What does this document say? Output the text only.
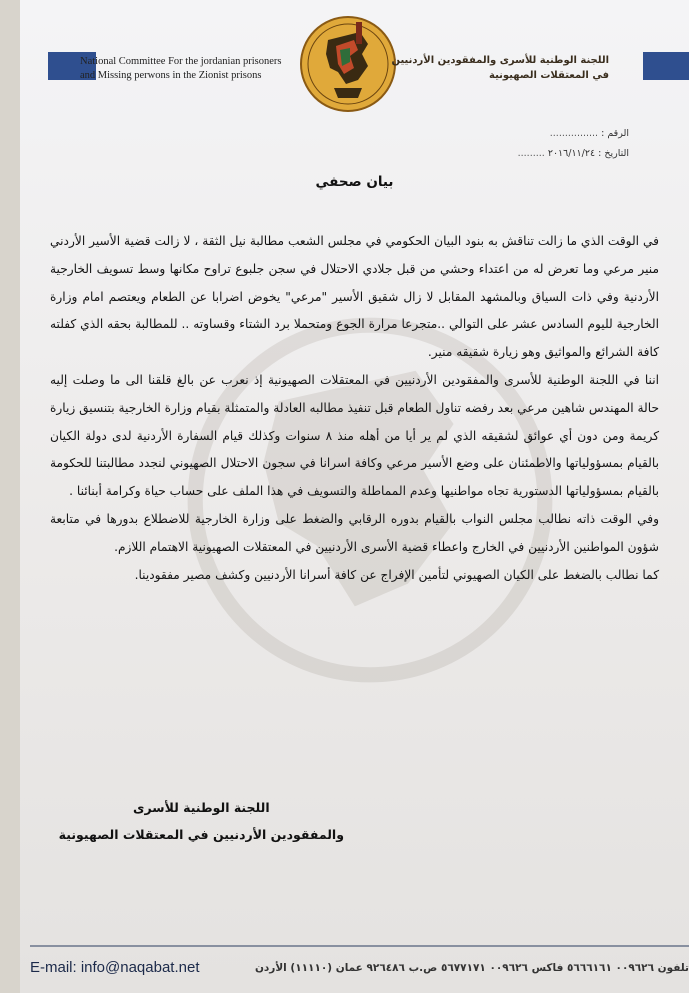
National Committee For the jordanian prisoners
and Missing perwons in the Zionist prisons
اللجنة الوطنية للأسرى والمفقودين الأردنيين
في المعتقلات الصهيونية
الرقم : ................
التاريخ : ٢٠١٦/١١/٢٤ .........
بيان صحفي

في الوقت الذي ما زالت تناقش به بنود البيان الحكومي في مجلس الشعب مطالبة نيل الثقة ، لا زالت قضية الأسير الأردني منير مرعي وما تعرض له من اعتداء وحشي من قبل جلادي الاحتلال في سجن جلبوع تراوح مكانها وسط تسويف الخارجية الأردنية وفي ذات السياق وبالمشهد المقابل لا زال شقيق الأسير "مرعي" يخوض اضرابا عن الطعام ويعتصم امام وزارة الخارجية لليوم السادس عشر على التوالي ..متجرعا مرارة الجوع ومتحملا برد الشتاء وقساوته .. للمطالبة بحقه الذي كفلته كافة الشرائع والمواثيق وهو زيارة شقيقه منير.

اننا في اللجنة الوطنية للأسرى والمفقودين الأردنيين في المعتقلات الصهيونية إذ نعرب عن بالغ قلقنا الى ما وصلت إليه حالة المهندس شاهين مرعي بعد رفضه تناول الطعام قبل تنفيذ مطالبه العادلة والمتمثلة بقيام وزارة الخارجية بتنسيق زيارة كريمة ومن دون أي عوائق لشقيقه الذي لم ير أيا من أهله منذ ٨ سنوات وكذلك قيام السفارة الأردنية لدى دولة الكيان بالقيام بمسؤولياتها والاطمئنان على وضع الأسير مرعي وكافة اسرانا في سجون الاحتلال الصهيوني لنجدد مطالبتنا للحكومة بالقيام بمسؤولياتها الدستورية تجاه مواطنيها وعدم المماطلة والتسويف في هذا الملف على حساب حياة وكرامة أبنائنا .

وفي الوقت ذاته نطالب مجلس النواب بالقيام بدوره الرقابي والضغط على وزارة الخارجية للاضطلاع بدورها في متابعة شؤون المواطنين الأردنيين في الخارج واعطاء قضية الأسرى الأردنيين في المعتقلات الصهيونية الاهتمام اللازم.

كما نطالب بالضغط على الكيان الصهيوني لتأمين الإفراج عن كافة أسرانا الأردنيين وكشف مصير مفقودينا.

اللجنة الوطنية للأسرى
والمفقودين الأردنيين في المعتقلات الصهيونية
E-mail: info@naqabat.net	تلفون ٠٠٩٦٢٦ ٥٦٦٦١٦١ فاكس ٠٠٩٦٢٦ ٥٦٧٧١٧١ ص.ب ٩٢٦٤٨٦ عمان (١١١١٠) الأردن
